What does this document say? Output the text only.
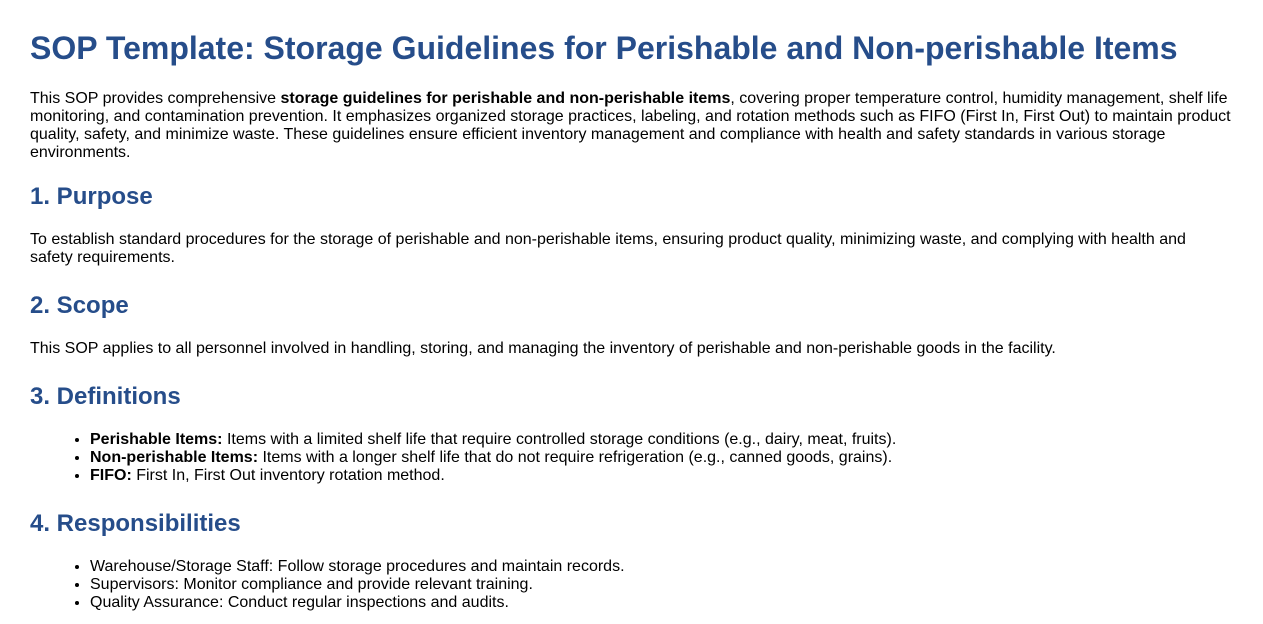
SOP Template: Storage Guidelines for Perishable and Non-perishable Items

This SOP provides comprehensive storage guidelines for perishable and non-perishable items, covering proper temperature control, humidity management, shelf life monitoring, and contamination prevention. It emphasizes organized storage practices, labeling, and rotation methods such as FIFO (First In, First Out) to maintain product quality, safety, and minimize waste. These guidelines ensure efficient inventory management and compliance with health and safety standards in various storage environments.

1. Purpose

To establish standard procedures for the storage of perishable and non-perishable items, ensuring product quality, minimizing waste, and complying with health and safety requirements.

2. Scope

This SOP applies to all personnel involved in handling, storing, and managing the inventory of perishable and non-perishable goods in the facility.

3. Definitions
• Perishable Items: Items with a limited shelf life that require controlled storage conditions (e.g., dairy, meat, fruits).
• Non-perishable Items: Items with a longer shelf life that do not require refrigeration (e.g., canned goods, grains).
• FIFO: First In, First Out inventory rotation method.
4. Responsibilities
• Warehouse/Storage Staff: Follow storage procedures and maintain records.
• Supervisors: Monitor compliance and provide relevant training.
• Quality Assurance: Conduct regular inspections and audits.
